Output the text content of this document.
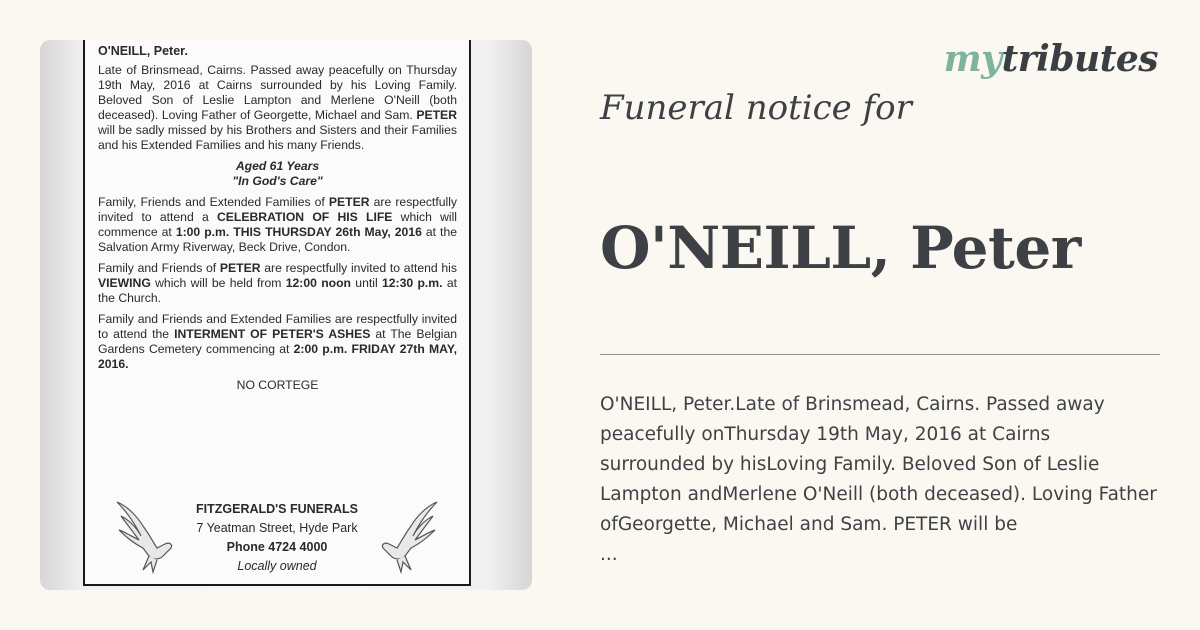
O'NEILL, Peter.

Late of Brinsmead, Cairns. Passed away peacefully on Thursday 19th May, 2016 at Cairns surrounded by his Loving Family. Beloved Son of Leslie Lampton and Merlene O'Neill (both deceased). Loving Father of Georgette, Michael and Sam. PETER will be sadly missed by his Brothers and Sisters and their Families and his Extended Families and his many Friends.

Aged 61 Years

"In God's Care"

Family, Friends and Extended Families of PETER are respectfully invited to attend a CELEBRATION OF HIS LIFE which will commence at 1:00 p.m. THIS THURSDAY 26th May, 2016 at the Salvation Army Riverway, Beck Drive, Condon.

Family and Friends of PETER are respectfully invited to attend his VIEWING which will be held from 12:00 noon until 12:30 p.m. at the Church.

Family and Friends and Extended Families are respectfully invited to attend the INTERMENT OF PETER'S ASHES at The Belgian Gardens Cemetery commencing at 2:00 p.m. FRIDAY 27th MAY, 2016.

NO CORTEGE

FITZGERALD'S FUNERALS
7 Yeatman Street, Hyde Park
Phone 4724 4000
Locally owned
mytributes
Funeral notice for
O'NEILL, Peter
O'NEILL, Peter.Late of Brinsmead, Cairns. Passed away peacefully onThursday 19th May, 2016 at Cairns surrounded by hisLoving Family. Beloved Son of Leslie Lampton andMerlene O'Neill (both deceased). Loving Father ofGeorgette, Michael and Sam. PETER will be
...
